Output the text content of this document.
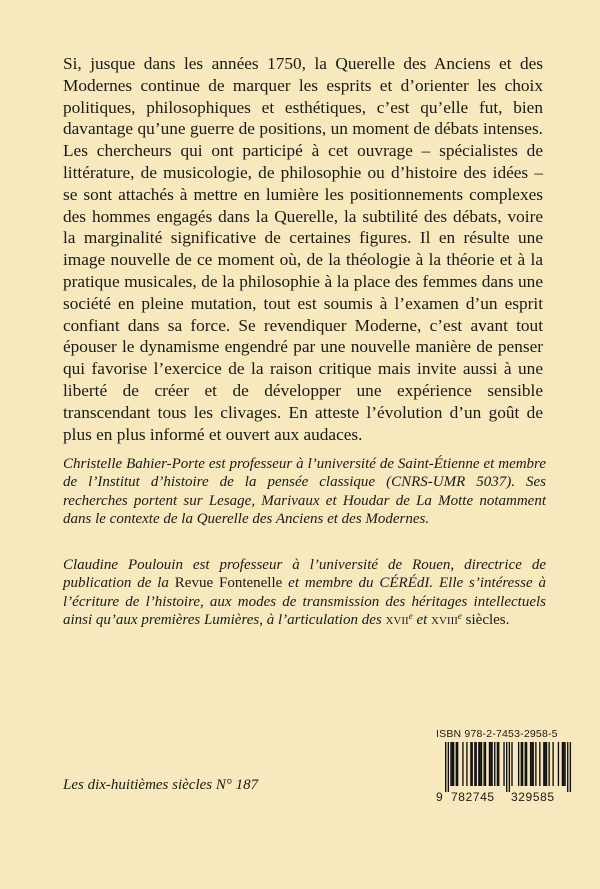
Si, jusque dans les années 1750, la Querelle des Anciens et des Modernes continue de marquer les esprits et d’orienter les choix politiques, philosophiques et esthétiques, c’est qu’elle fut, bien davantage qu’une guerre de positions, un moment de débats intenses. Les chercheurs qui ont participé à cet ouvrage – spécialistes de littérature, de musicologie, de philosophie ou d’histoire des idées – se sont attachés à mettre en lumière les positionnements complexes des hommes engagés dans la Querelle, la subtilité des débats, voire la marginalité significative de certaines figures. Il en résulte une image nouvelle de ce moment où, de la théologie à la théorie et à la pratique musicales, de la philosophie à la place des femmes dans une société en pleine mutation, tout est soumis à l’examen d’un esprit confiant dans sa force. Se revendiquer Moderne, c’est avant tout épouser le dynamisme engendré par une nouvelle manière de penser qui favorise l’exercice de la raison critique mais invite aussi à une liberté de créer et de développer une expérience sensible transcendant tous les clivages. En atteste l’évolution d’un goût de plus en plus informé et ouvert aux audaces.

Christelle Bahier-Porte est professeur à l’université de Saint-Étienne et membre de l’Institut d’histoire de la pensée classique (CNRS-UMR 5037). Ses recherches portent sur Lesage, Marivaux et Houdar de La Motte notamment dans le contexte de la Querelle des Anciens et des Modernes.

Claudine Poulouin est professeur à l’université de Rouen, directrice de publication de la Revue Fontenelle et membre du CÉRÉdI. Elle s’intéresse à l’écriture de l’histoire, aux modes de transmission des héritages intellectuels ainsi qu’aux premières Lumières, à l’articulation des xvii$^e$ et xviii$^e$ siècles.

Les dix-huitièmes siècles N° 187

ISBN 978-2-7453-2958-5
9 782745 329585
